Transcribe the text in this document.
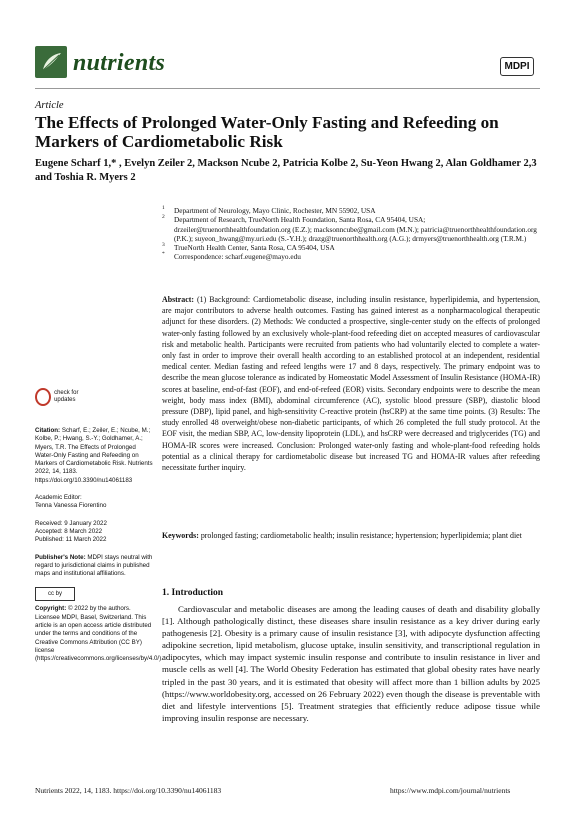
nutrients	MDPI
Article
The Effects of Prolonged Water-Only Fasting and Refeeding on Markers of Cardiometabolic Risk
Eugene Scharf 1,* , Evelyn Zeiler 2, Mackson Ncube 2, Patricia Kolbe 2, Su-Yeon Hwang 2, Alan Goldhamer 2,3
and Toshia R. Myers 2
1 Department of Neurology, Mayo Clinic, Rochester, MN 55902, USA
2 Department of Research, TrueNorth Health Foundation, Santa Rosa, CA 95404, USA; drzeiler@truenorthhealthfoundation.org (E.Z.); macksonncube@gmail.com (M.N.); patricia@truenorthhealthfoundation.org (P.K.); suyeon_hwang@my.uri.edu (S.-Y.H.); drazg@truenorthhealth.org (A.G.); drmyers@truenorthhealth.org (T.R.M.)
3 TrueNorth Health Center, Santa Rosa, CA 95404, USA
* Correspondence: scharf.eugene@mayo.edu
Abstract: (1) Background: Cardiometabolic disease, including insulin resistance, hyperlipidemia, and hypertension, are major contributors to adverse health outcomes. Fasting has gained interest as a nonpharmacological therapeutic adjunct for these disorders. (2) Methods: We conducted a prospective, single-center study on the effects of prolonged water-only fasting followed by an exclusively whole-plant-food refeeding diet on accepted measures of cardiovascular risk and metabolic health. Participants were recruited from patients who had voluntarily elected to complete a water-only fast in order to improve their overall health according to an established protocol at an independent, residential medical center. Median fasting and refeed lengths were 17 and 8 days, respectively. The primary endpoint was to describe the mean glucose tolerance as indicated by Homeostatic Model Assessment of Insulin Resistance (HOMA-IR) scores at baseline, end-of-fast (EOF), and end-of-refeed (EOR) visits. Secondary endpoints were to describe the mean weight, body mass index (BMI), abdominal circumference (AC), systolic blood pressure (SBP), diastolic blood pressure (DBP), lipid panel, and high-sensitivity C-reactive protein (hsCRP) at the same time points. (3) Results: The study enrolled 48 overweight/obese non-diabetic participants, of which 26 completed the full study protocol. At the EOF visit, the median SBP, AC, low-density lipoprotein (LDL), and hsCRP were decreased and triglycerides (TG) and HOMA-IR scores were increased. Conclusion: Prolonged water-only fasting and whole-plant-food refeeding holds potential as a clinical therapy for cardiometabolic disease but increased TG and HOMA-IR values after refeeding necessitate further inquiry.
Keywords: prolonged fasting; cardiometabolic health; insulin resistance; hypertension; hyperlipidemia; plant diet
check for updates
Citation: Scharf, E.; Zeiler, E.; Ncube, M.; Kolbe, P.; Hwang, S.-Y.; Goldhamer, A.; Myers, T.R. The Effects of Prolonged Water-Only Fasting and Refeeding on Markers of Cardiometabolic Risk. Nutrients 2022, 14, 1183. https://doi.org/10.3390/nu14061183
Academic Editor:
Tenna Vanessa Fiorentino
Received: 9 January 2022
Accepted: 8 March 2022
Published: 11 March 2022
Publisher's Note: MDPI stays neutral with regard to jurisdictional claims in published maps and institutional affiliations.
cc by
Copyright: © 2022 by the authors. Licensee MDPI, Basel, Switzerland. This article is an open access article distributed under the terms and conditions of the Creative Commons Attribution (CC BY) license (https://creativecommons.org/licenses/by/4.0/).
1. Introduction
Cardiovascular and metabolic diseases are among the leading causes of death and disability globally [1]. Although pathologically distinct, these diseases share insulin resistance as a key driver during early pathogenesis [2]. Obesity is a primary cause of insulin resistance [3], with adipocyte dysfunction affecting adipokine secretion, lipid metabolism, glucose uptake, insulin sensitivity, and transcriptional regulation in adipocytes, which may impact systemic insulin response and contribute to insulin resistance in liver and muscle cells as well [4]. The World Obesity Federation has estimated that global obesity rates have nearly tripled in the past 30 years, and it is estimated that obesity will affect more than 1 billion adults by 2025 (https://www.worldobesity.org, accessed on 26 February 2022) even though the disease is preventable with diet and lifestyle interventions [5]. Treatment strategies that efficiently reduce adipose tissue while improving insulin response are necessary.
Nutrients 2022, 14, 1183. https://doi.org/10.3390/nu14061183	https://www.mdpi.com/journal/nutrients
